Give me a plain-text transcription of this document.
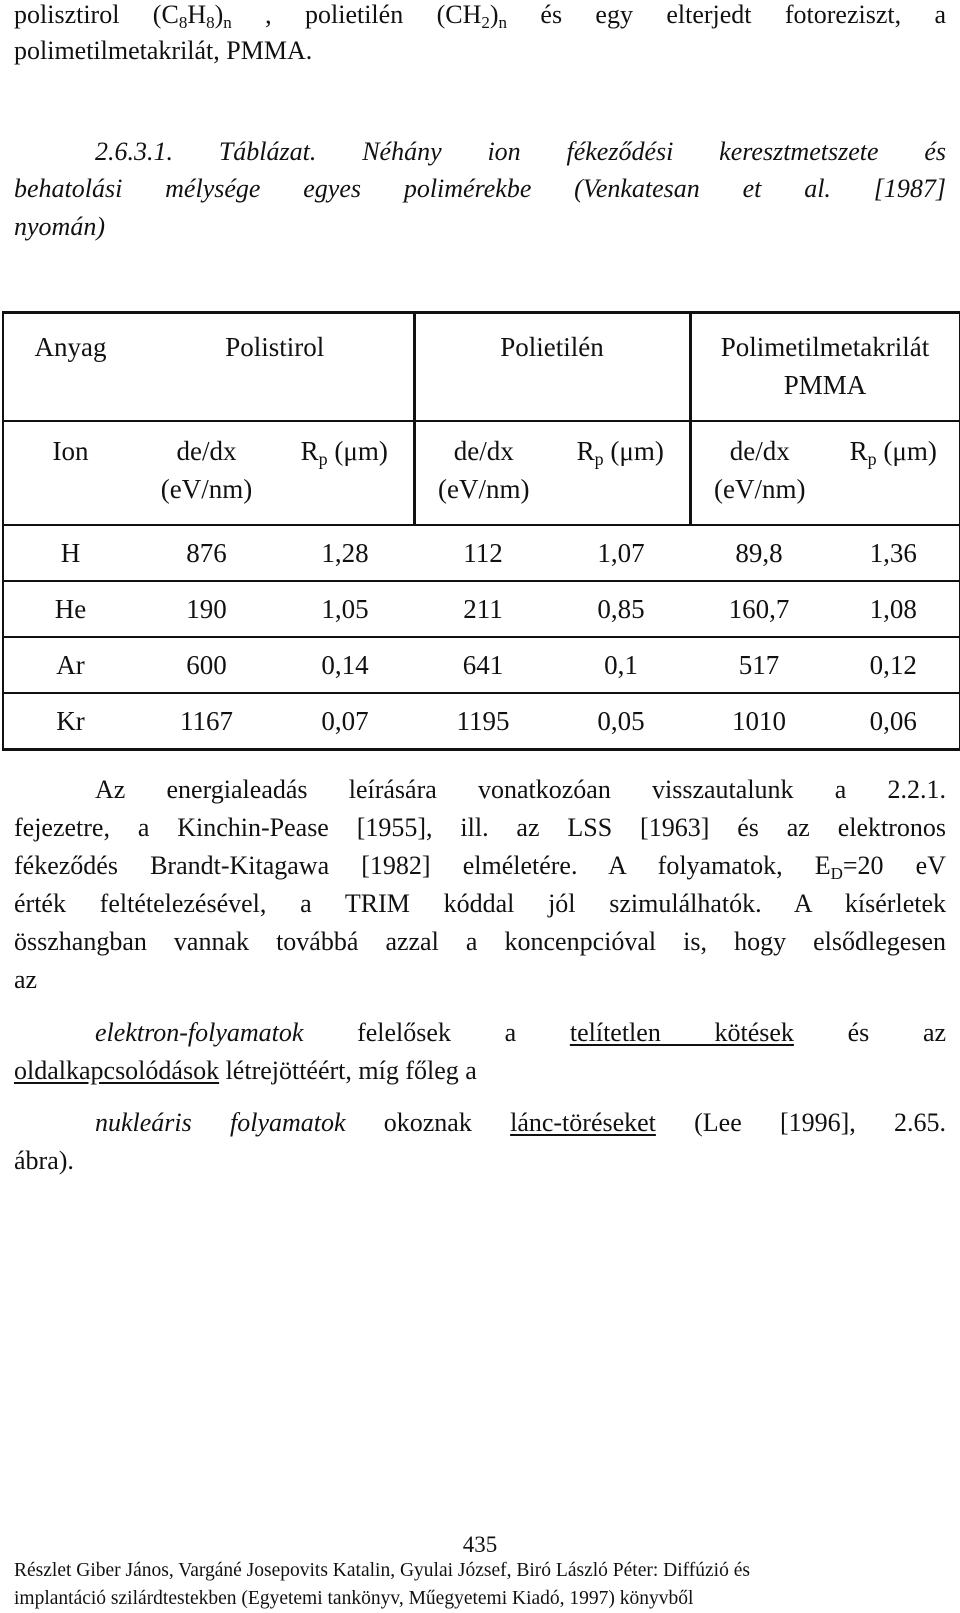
polisztirol $(C_8H_8)_n$ , polietilén $(CH_2)_n$ és egy elterjedt fotoreziszt, a
polimetilmetakrilát, PMMA.
2.6.3.1. Táblázat. Néhány ion fékeződési keresztmetszete és
behatolási mélysége egyes polimérekbe (Venkatesan et al. [1987]
nyomán)
Anyag	Polistirol		Polietilén		Polimetilmetakrilát PMMA	
Ion	de/dx (eV/nm)	$R_p$ (μm)	de/dx (eV/nm)	$R_p$ (μm)	de/dx (eV/nm)	$R_p$ (μm)
H	876	1,28	112	1,07	89,8	1,36
He	190	1,05	211	0,85	160,7	1,08
Ar	600	0,14	641	0,1	517	0,12
Kr	1167	0,07	1195	0,05	1010	0,06
Az energialeadás leírására vonatkozóan visszautalunk a 2.2.1.
fejezetre, a Kinchin-Pease [1955], ill. az LSS [1963] és az elektronos
fékeződés Brandt-Kitagawa [1982] elméletére. A folyamatok, $E_D=20$ eV
érték feltételezésével, a TRIM kóddal jól szimulálhatók. A kísérletek
összhangban vannak továbbá azzal a koncenpcióval is, hogy elsődlegesen
az
elektron-folyamatok felelősek a telítetlen kötések és az
oldalkapcsolódások létrejöttéért, míg főleg a
nukleáris folyamatok okoznak lánc-töréseket (Lee [1996], 2.65.
ábra).
435
Részlet Giber János, Vargáné Josepovits Katalin, Gyulai József, Biró László Péter: Diffúzió és
implantáció szilárdtestekben (Egyetemi tankönyv, Műegyetemi Kiadó, 1997) könyvből
